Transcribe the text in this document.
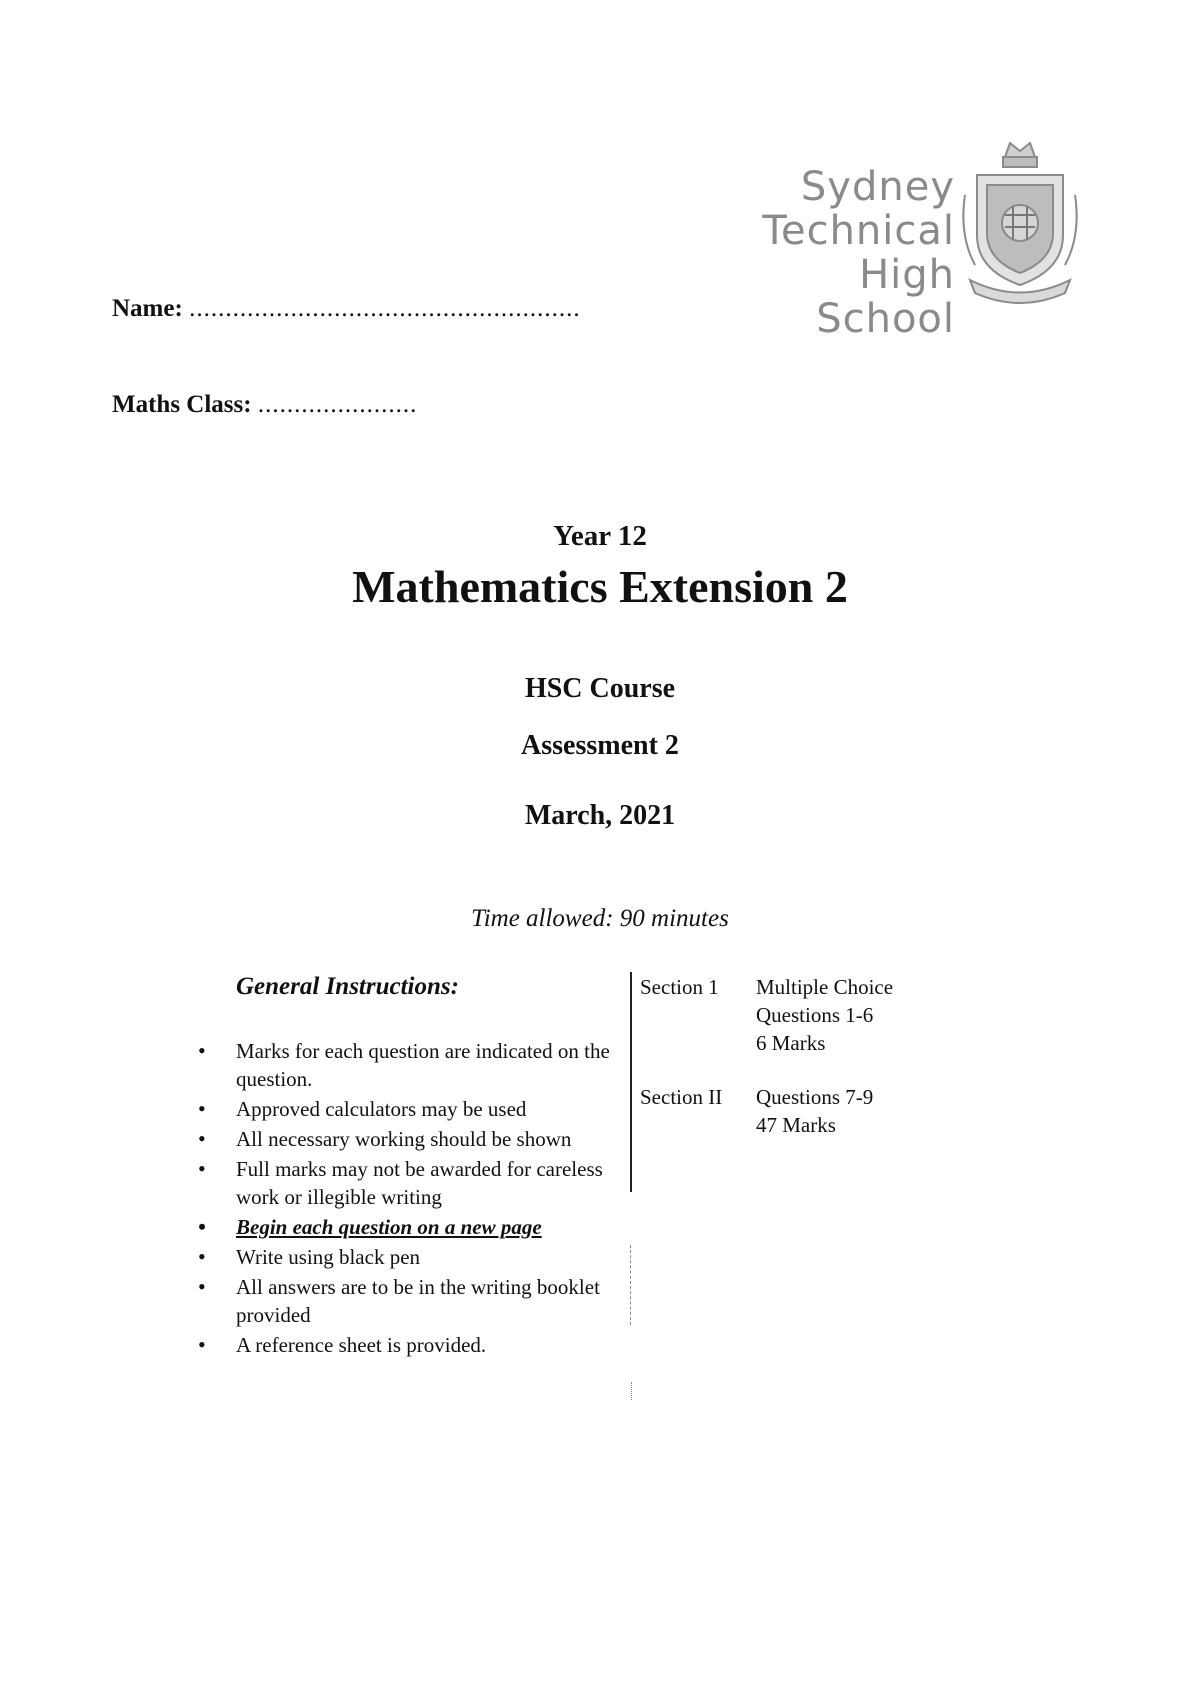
Sydney
Technical
High School
Name: ......................................................
Maths Class: ......................
Year 12
Mathematics Extension 2
HSC Course
Assessment 2
March, 2021
Time allowed: 90 minutes
General Instructions:
• Marks for each question are indicated on the question.
• Approved calculators may be used
• All necessary working should be shown
• Full marks may not be awarded for careless work or illegible writing
• Begin each question on a new page
• Write using black pen
• All answers are to be in the writing booklet provided
• A reference sheet is provided.
Section 1 Multiple Choice
Questions 1-6
6 Marks
Section II Questions 7-9
47 Marks
